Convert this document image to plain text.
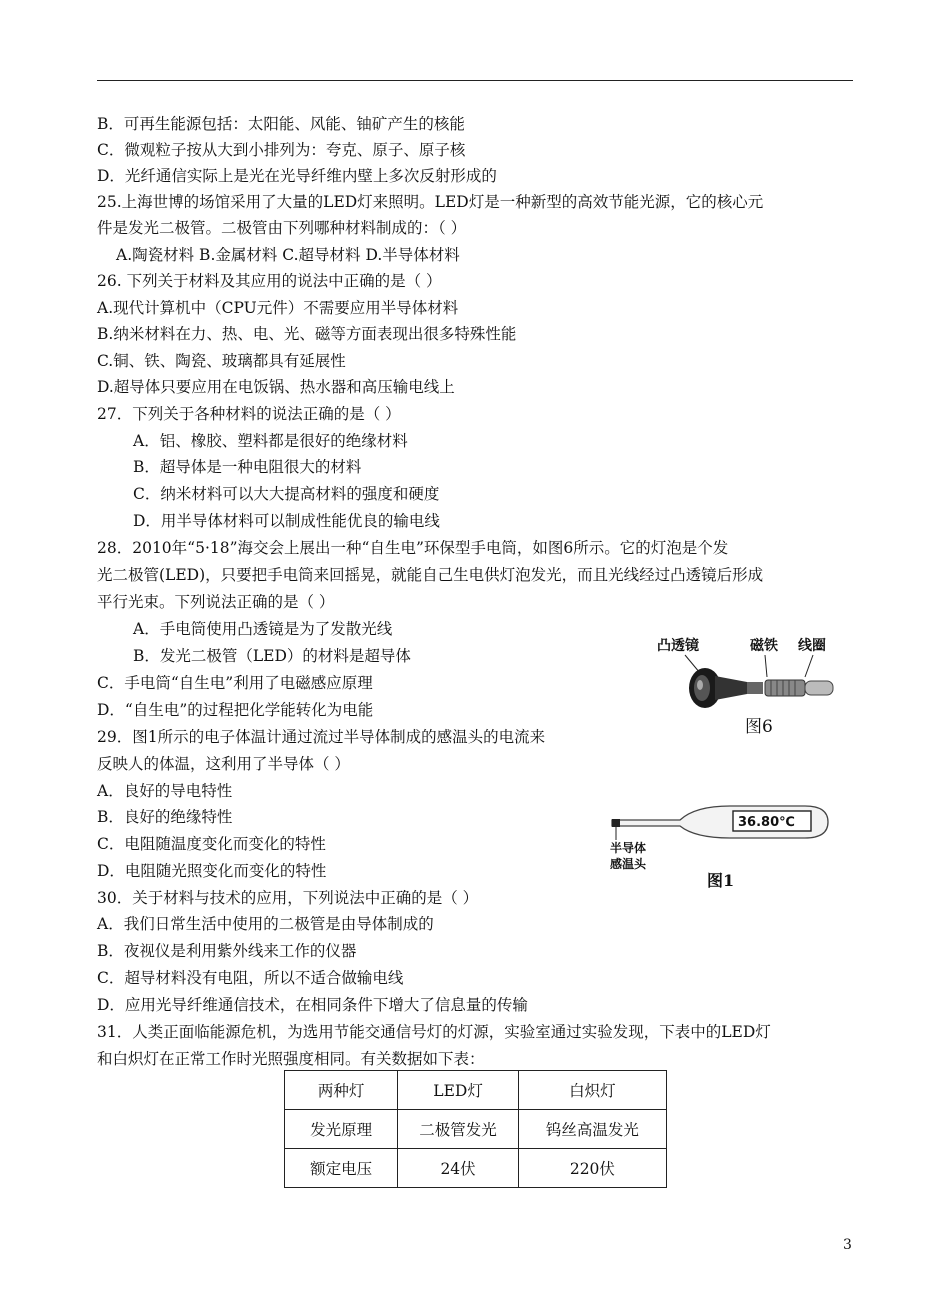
B．可再生能源包括：太阳能、风能、铀矿产生的核能
C．微观粒子按从大到小排列为：夸克、原子、原子核
D．光纤通信实际上是光在光导纤维内壁上多次反射形成的
25.上海世博的场馆采用了大量的LED灯来照明。LED灯是一种新型的高效节能光源，它的核心元
件是发光二极管。二极管由下列哪种材料制成的：（ ）
A.陶瓷材料 B.金属材料 C.超导材料 D.半导体材料
26. 下列关于材料及其应用的说法中正确的是（ ）
A.现代计算机中（CPU元件）不需要应用半导体材料
B.纳米材料在力、热、电、光、磁等方面表现出很多特殊性能
C.铜、铁、陶瓷、玻璃都具有延展性
D.超导体只要应用在电饭锅、热水器和高压输电线上
27．下列关于各种材料的说法正确的是（ ）
A．铝、橡胶、塑料都是很好的绝缘材料
B．超导体是一种电阻很大的材料
C．纳米材料可以大大提高材料的强度和硬度
D．用半导体材料可以制成性能优良的输电线
28．2010年“5·18”海交会上展出一种“自生电”环保型手电筒，如图6所示。它的灯泡是个发
光二极管(LED)，只要把手电筒来回摇晃，就能自己生电供灯泡发光，而且光线经过凸透镜后形成
平行光束。下列说法正确的是（ ）
A．手电筒使用凸透镜是为了发散光线
B．发光二极管（LED）的材料是超导体
C．手电筒“自生电”利用了电磁感应原理
D．“自生电”的过程把化学能转化为电能
29．图1所示的电子体温计通过流过半导体制成的感温头的电流来
反映人的体温，这利用了半导体（ ）
A．良好的导电特性
B．良好的绝缘特性
C．电阻随温度变化而变化的特性
D．电阻随光照变化而变化的特性
30．关于材料与技术的应用，下列说法中正确的是（ ）
A．我们日常生活中使用的二极管是由导体制成的
B．夜视仪是利用紫外线来工作的仪器
C．超导材料没有电阻，所以不适合做输电线
D．应用光导纤维通信技术，在相同条件下增大了信息量的传输
31．人类正面临能源危机，为选用节能交通信号灯的灯源，实验室通过实验发现，下表中的LED灯
和白炽灯在正常工作时光照强度相同。有关数据如下表：
两种灯	LED灯	白炽灯
发光原理	二极管发光	钨丝高温发光
额定电压	24伏	220伏
凸透镜	磁铁 线圈
图6
36.80℃
半导体
感温头
图1
3
